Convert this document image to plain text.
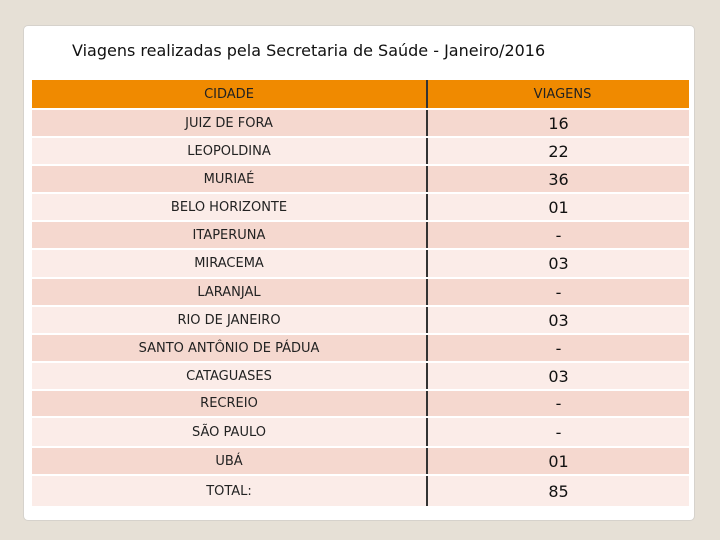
Viagens realizadas pela Secretaria de Saúde - Janeiro/2016
CIDADE	VIAGENS
JUIZ DE FORA	16
LEOPOLDINA	22
MURIAÉ	36
BELO HORIZONTE	01
ITAPERUNA	-
MIRACEMA	03
LARANJAL	-
RIO DE JANEIRO	03
SANTO ANTÔNIO DE PÁDUA	-
CATAGUASES	03
RECREIO	-
SÃO PAULO	-
UBÁ	01
TOTAL:	85
